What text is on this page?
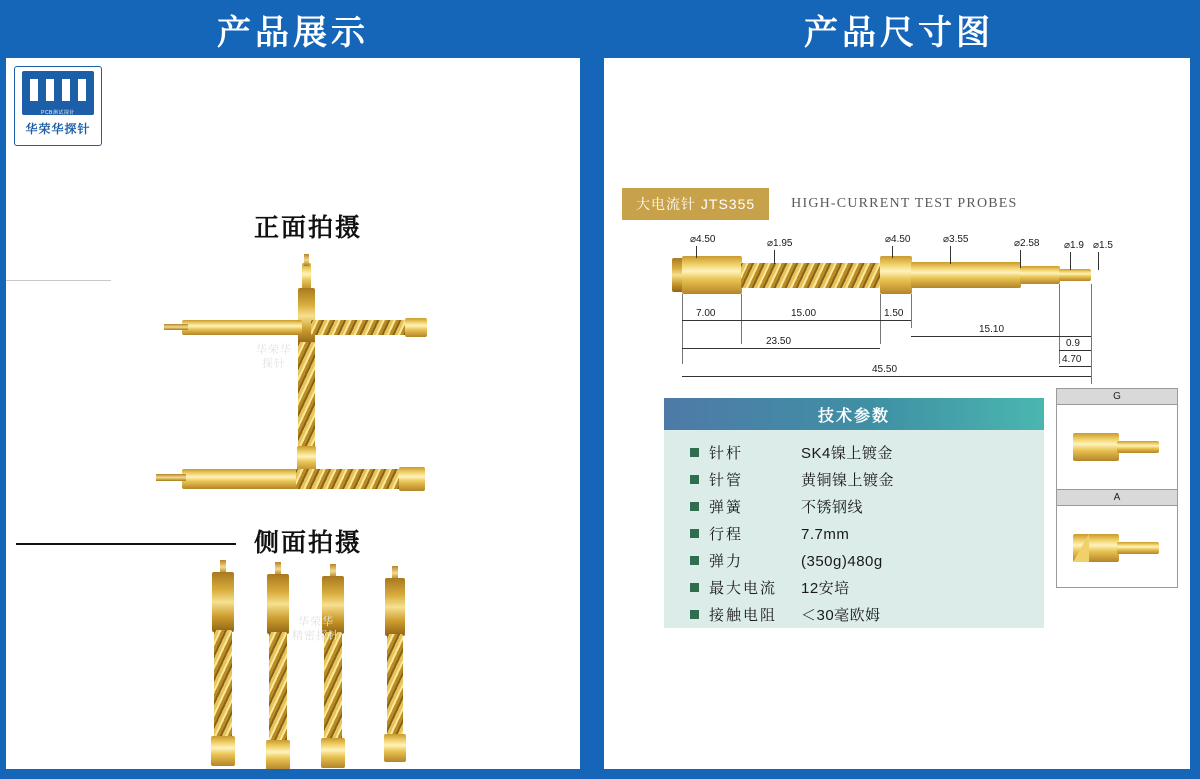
产品展示
PCB测试探针
华荣华探针
正面拍摄
华荣华
探针
侧面拍摄
华荣华
精密探针
产品尺寸图
大电流针 JTS355	HIGH-CURRENT TEST PROBES
⌀4.50	⌀1.95	⌀4.50	⌀3.55	⌀2.58 ⌀1.9 ⌀1.5
7.00	15.00	1.50
15.10
0.9
23.50
4.70
45.50
技术参数
针杆	SK4镍上镀金
针管	黄铜镍上镀金
弹簧	不锈钢线
行程	7.7mm
弹力	(350g)480g
最大电流	12安培
接触电阻	＜30毫欧姆
G
A
